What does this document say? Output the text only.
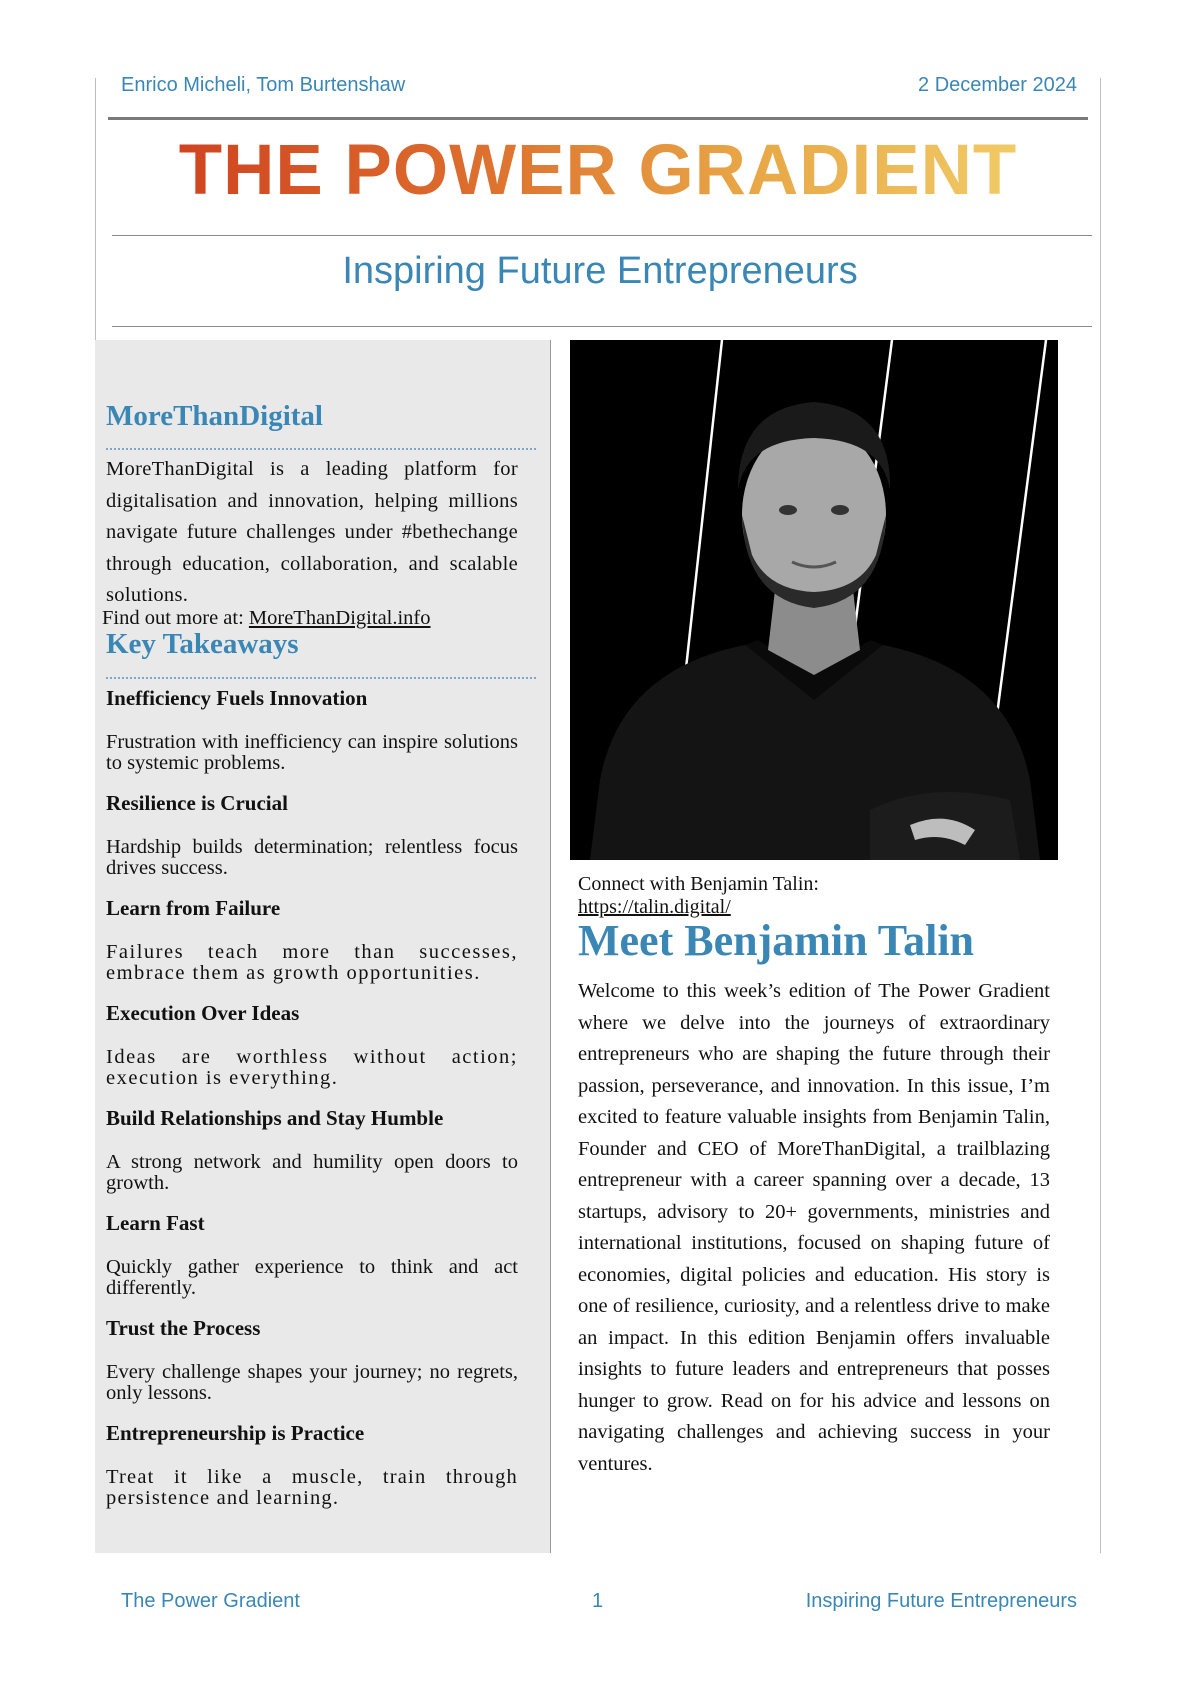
Enrico Micheli, Tom Burtenshaw	2 December 2024
THE POWER GRADIENT
Inspiring Future Entrepreneurs
MoreThanDigital
MoreThanDigital is a leading platform for digitalisation and innovation, helping millions navigate future challenges under #bethechange through education, collaboration, and scalable solutions.
Find out more at: MoreThanDigital.info
Key Takeaways
Inefficiency Fuels Innovation
Frustration with inefficiency can inspire solutions to systemic problems.
Resilience is Crucial
Hardship builds determination; relentless focus drives success.
Learn from Failure
Failures teach more than successes, embrace them as growth opportunities.
Execution Over Ideas
Ideas are worthless without action; execution is everything.
Build Relationships and Stay Humble
A strong network and humility open doors to growth.
Learn Fast
Quickly gather experience to think and act differently.
Trust the Process
Every challenge shapes your journey; no regrets, only lessons.
Entrepreneurship is Practice
Treat it like a muscle, train through persistence and learning.
Connect with Benjamin Talin:
https://talin.digital/
Meet Benjamin Talin
Welcome to this week’s edition of The Power Gradient where we delve into the journeys of extraordinary entrepreneurs who are shaping the future through their passion, perseverance, and innovation. In this issue, I’m excited to feature valuable insights from Benjamin Talin, Founder and CEO of MoreThanDigital, a trailblazing entrepreneur with a career spanning over a decade, 13 startups, advisory to 20+ governments, ministries and international institutions, focused on shaping future of economies, digital policies and education. His story is one of resilience, curiosity, and a relentless drive to make an impact. In this edition Benjamin offers invaluable insights to future leaders and entrepreneurs that posses hunger to grow. Read on for his advice and lessons on navigating challenges and achieving success in your ventures.
The Power Gradient	1	Inspiring Future Entrepreneurs
